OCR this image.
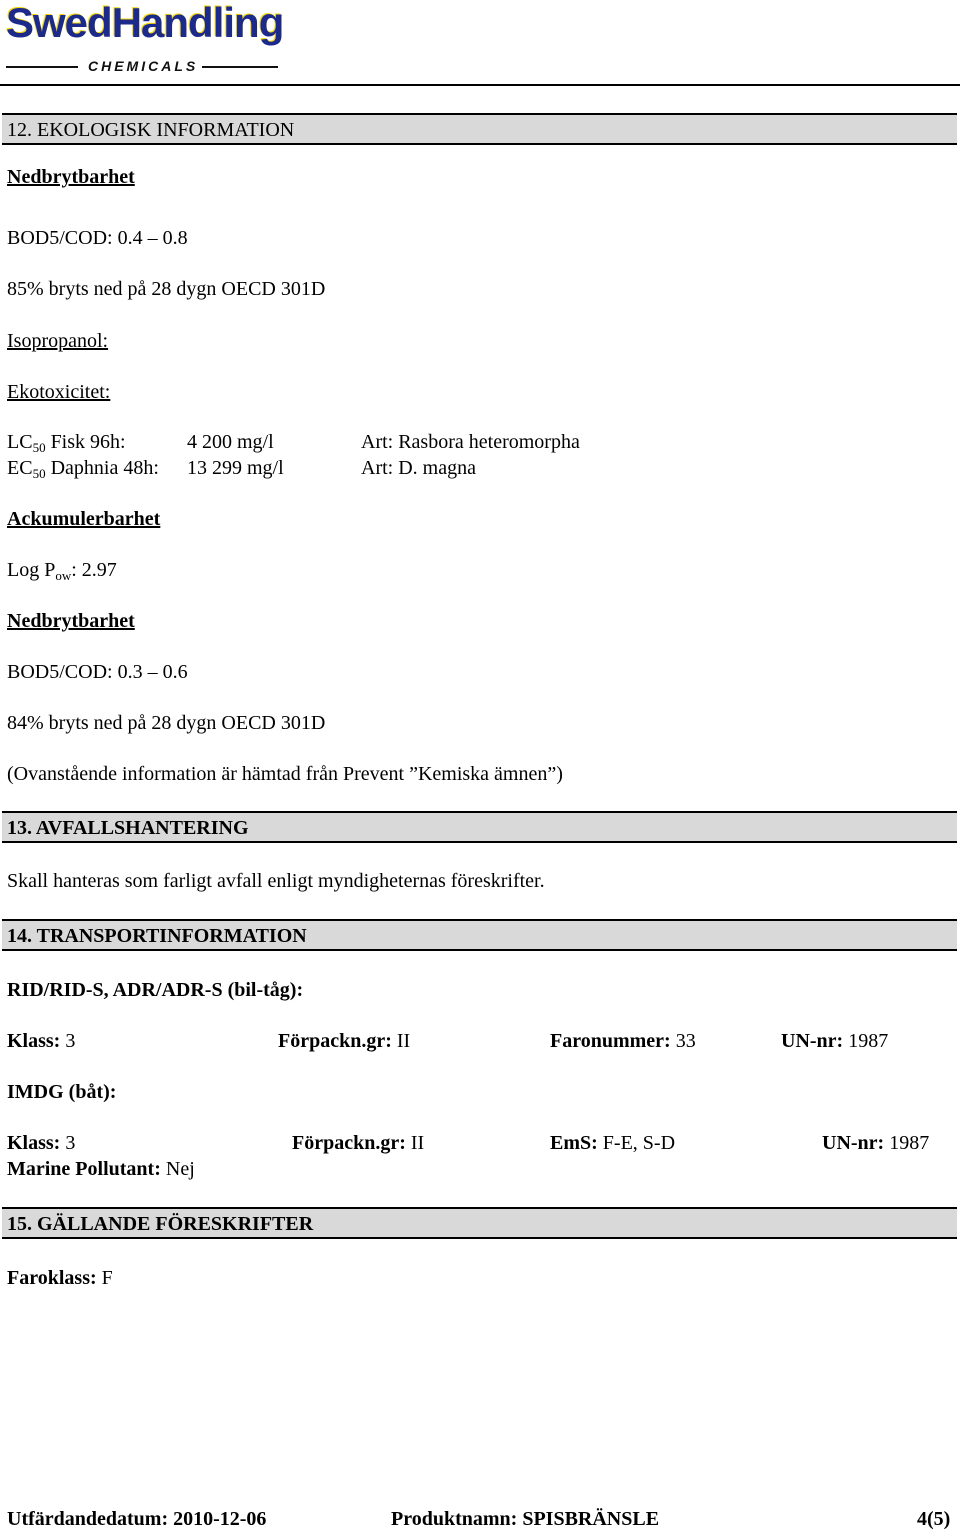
SwedHandling
CHEMICALS
12. EKOLOGISK INFORMATION
Nedbrytbarhet
BOD5/COD: 0.4 – 0.8
85% bryts ned på 28 dygn OECD 301D
Isopropanol:
Ekotoxicitet:
$LC_{50}$ Fisk 96h:	4 200 mg/l	Art: Rasbora heteromorpha
$EC_{50}$ Daphnia 48h: 13 299 mg/l	Art: D. magna
Ackumulerbarhet
Log $P_{ow}$: 2.97
Nedbrytbarhet
BOD5/COD: 0.3 – 0.6
84% bryts ned på 28 dygn OECD 301D
(Ovanstående information är hämtad från Prevent ”Kemiska ämnen”)
13. AVFALLSHANTERING
Skall hanteras som farligt avfall enligt myndigheternas föreskrifter.
14. TRANSPORTINFORMATION
RID/RID-S, ADR/ADR-S (bil-tåg):
Klass: 3	Förpackn.gr: II	Faronummer: 33	UN-nr: 1987
IMDG (båt):
Klass: 3	Förpackn.gr: II	EmS: F-E, S-D	UN-nr: 1987
Marine Pollutant: Nej
15. GÄLLANDE FÖRESKRIFTER
Faroklass: F
Utfärdandedatum: 2010-12-06	Produktnamn: SPISBRÄNSLE	4(5)
